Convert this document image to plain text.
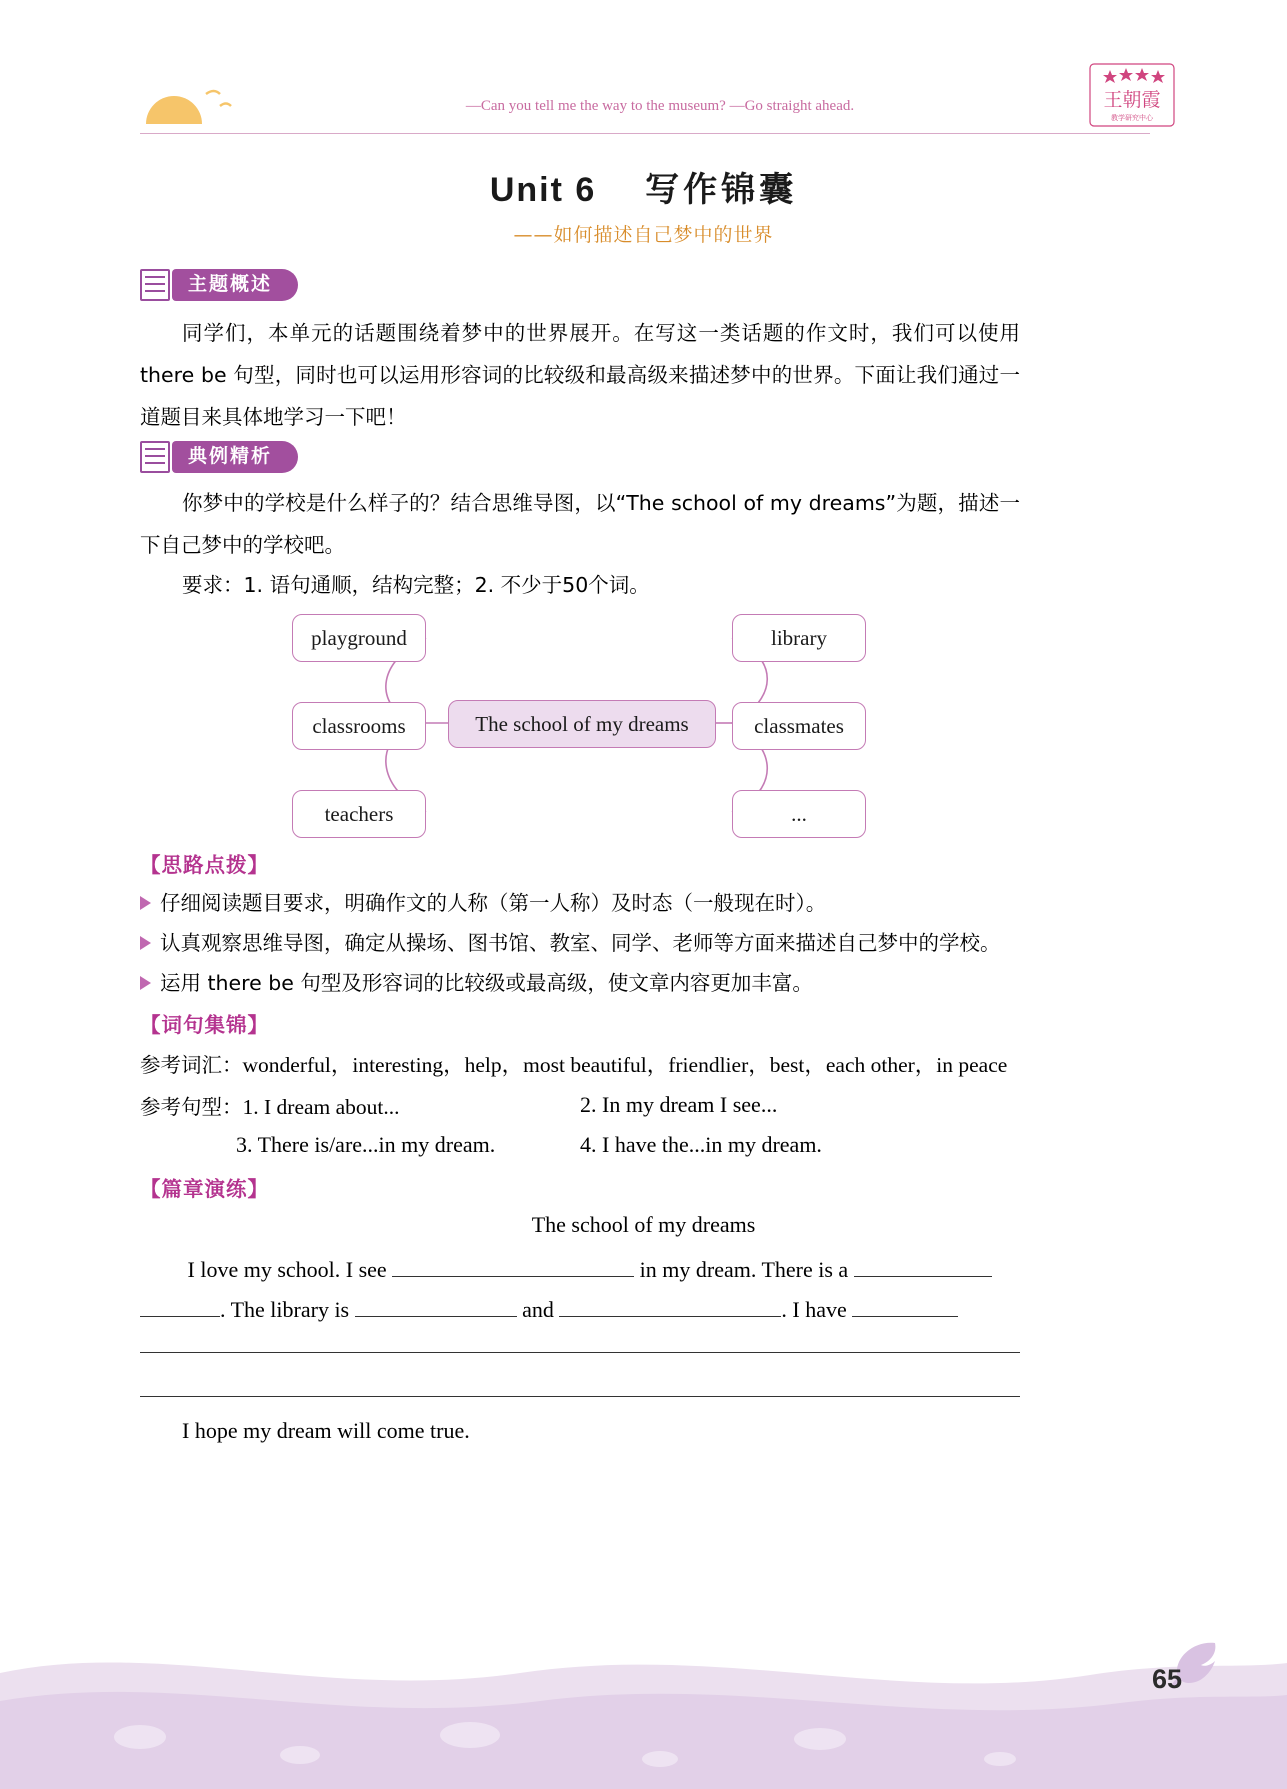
—Can you tell me the way to the museum? —Go straight ahead.	王朝霞
教学研究中心
Unit 6 写作锦囊
——如何描述自己梦中的世界
主题概述
同学们，本单元的话题围绕着梦中的世界展开。在写这一类话题的作文时，我们可以使用 there be 句型，同时也可以运用形容词的比较级和最高级来描述梦中的世界。下面让我们通过一道题目来具体地学习一下吧！
典例精析
你梦中的学校是什么样子的？结合思维导图，以“The school of my dreams”为题，描述一下自己梦中的学校吧。
要求：1. 语句通顺，结构完整；2. 不少于50个词。
playground
classrooms
teachers
The school of my dreams
library
classmates
...
【思路点拨】
仔细阅读题目要求，明确作文的人称（第一人称）及时态（一般现在时）。
认真观察思维导图，确定从操场、图书馆、教室、同学、老师等方面来描述自己梦中的学校。
运用 there be 句型及形容词的比较级或最高级，使文章内容更加丰富。
【词句集锦】
参考词汇：wonderful，interesting，help，most beautiful，friendlier，best，each other，in peace
参考句型：1. I dream about...	2. In my dream I see...
3. There is/are...in my dream.	4. I have the...in my dream.
【篇章演练】
The school of my dreams
I love my school. I see	in my dream. There is a
. The library is	and	. I have
I hope my dream will come true.
65
